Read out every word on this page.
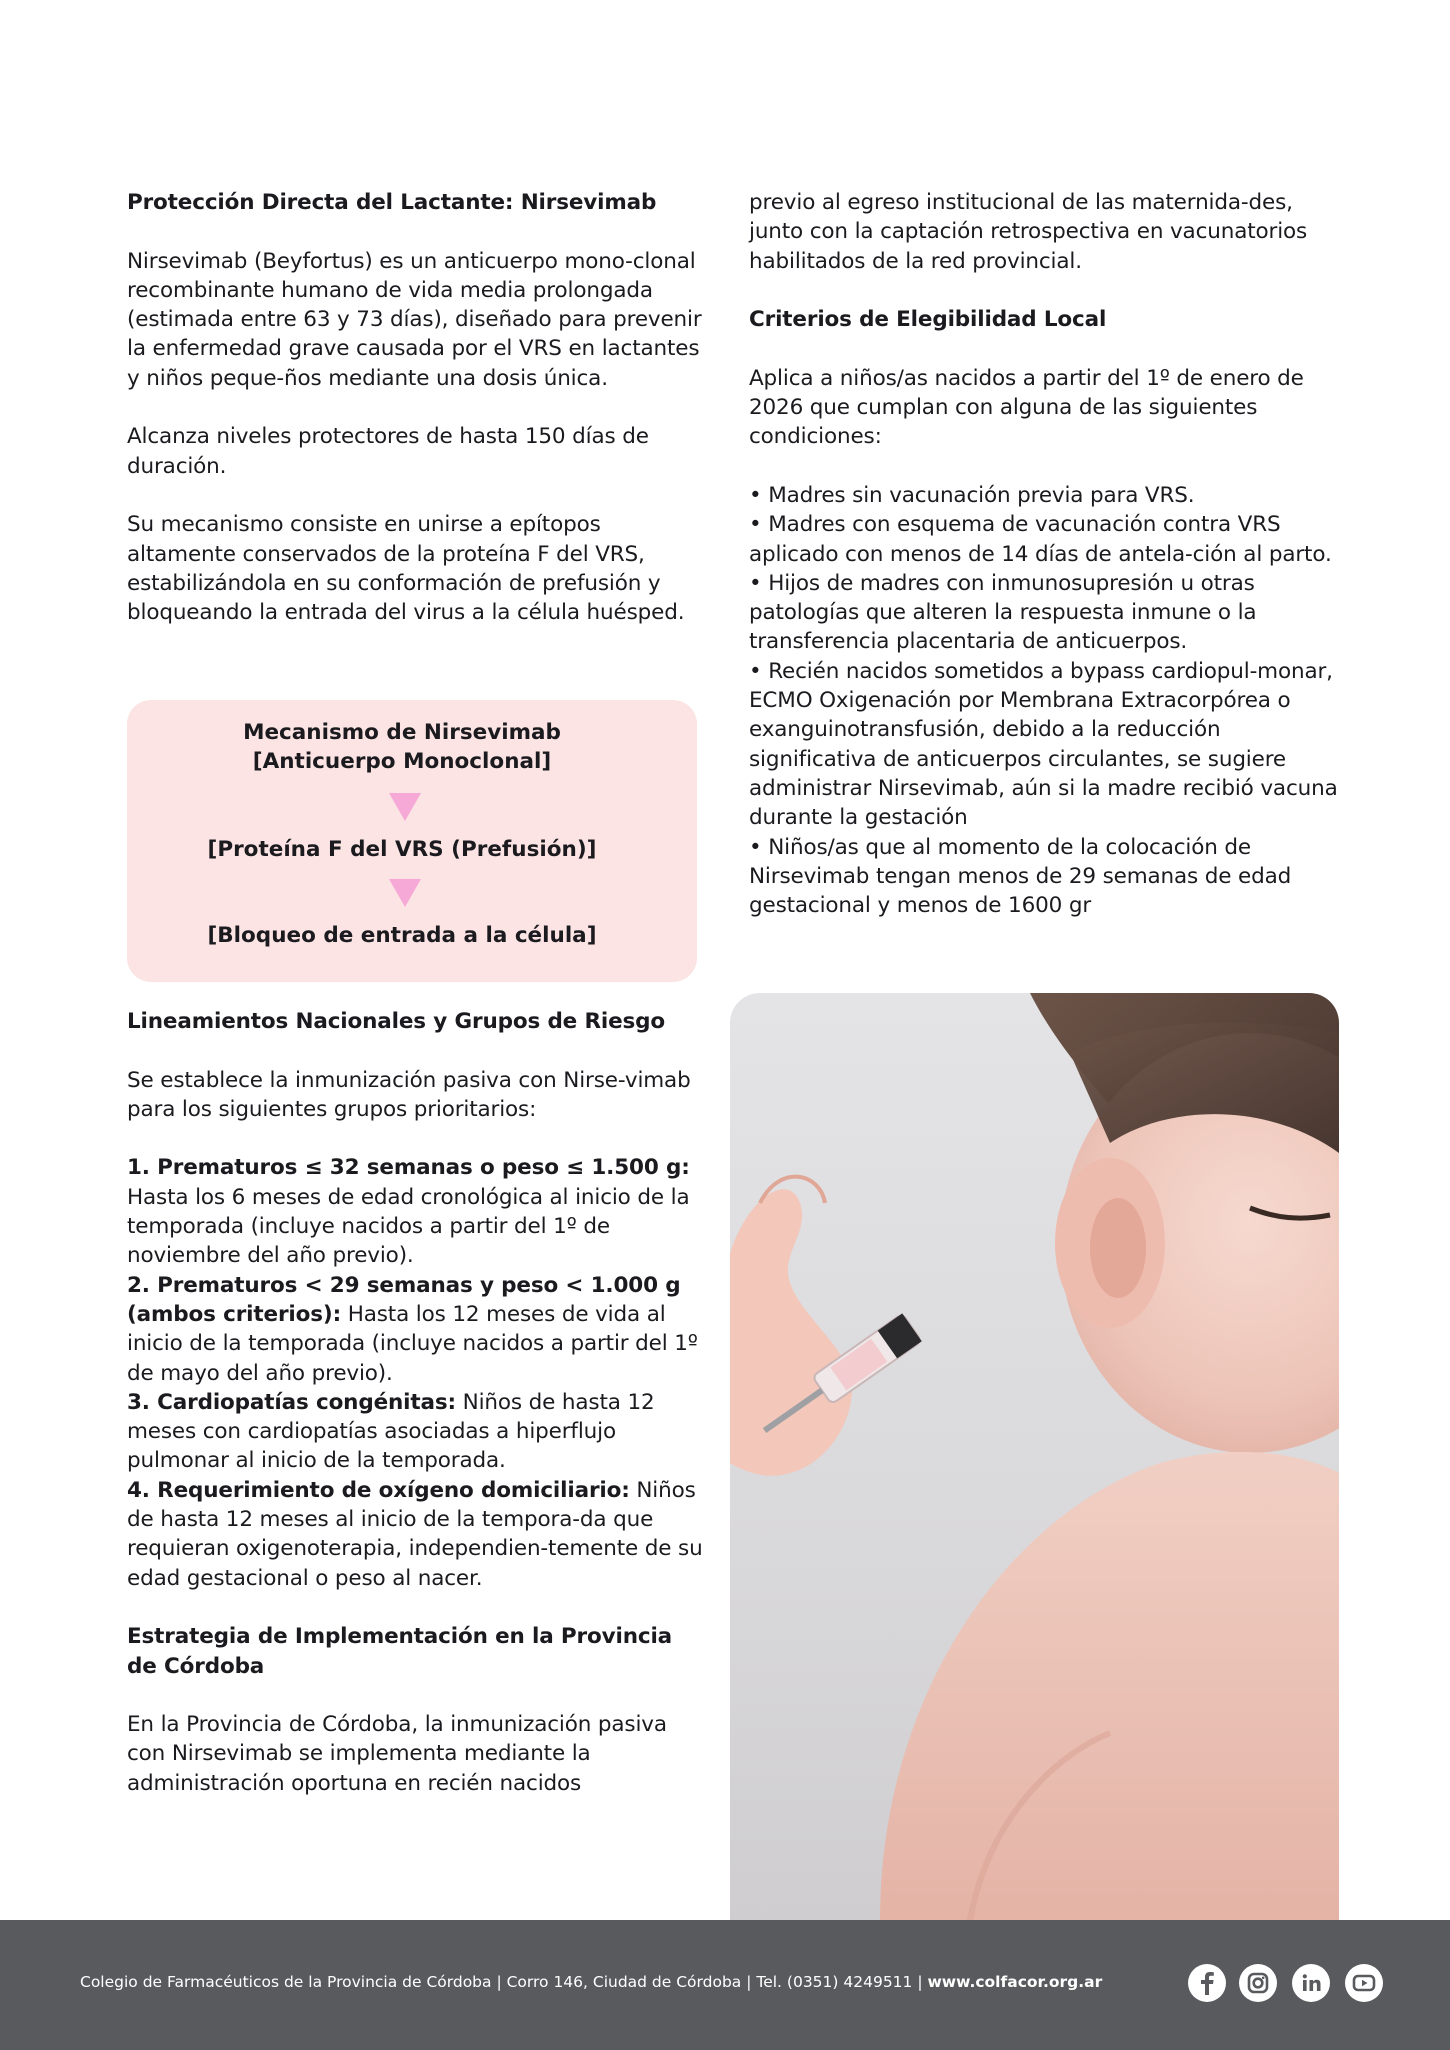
Protección Directa del Lactante: Nirsevimab

Nirsevimab (Beyfortus) es un anticuerpo mono-clonal recombinante humano de vida media prolongada (estimada entre 63 y 73 días), diseñado para prevenir la enfermedad grave causada por el VRS en lactantes y niños peque-ños mediante una dosis única.

Alcanza niveles protectores de hasta 150 días de duración.

Su mecanismo consiste en unirse a epítopos altamente conservados de la proteína F del VRS, estabilizándola en su conformación de prefusión y bloqueando la entrada del virus a la célula huésped.

Mecanismo de Nirsevimab
[Anticuerpo Monoclonal]
[Proteína F del VRS (Prefusión)]
[Bloqueo de entrada a la célula]
Lineamientos Nacionales y Grupos de Riesgo

Se establece la inmunización pasiva con Nirse-vimab para los siguientes grupos prioritarios:

1. Prematuros ≤ 32 semanas o peso ≤ 1.500 g: Hasta los 6 meses de edad cronológica al inicio de la temporada (incluye nacidos a partir del 1º de noviembre del año previo).

2. Prematuros < 29 semanas y peso < 1.000 g (ambos criterios): Hasta los 12 meses de vida al inicio de la temporada (incluye nacidos a partir del 1º de mayo del año previo).

3. Cardiopatías congénitas: Niños de hasta 12 meses con cardiopatías asociadas a hiperflujo pulmonar al inicio de la temporada.

4. Requerimiento de oxígeno domiciliario: Niños de hasta 12 meses al inicio de la tempora-da que requieran oxigenoterapia, independien-temente de su edad gestacional o peso al nacer.

Estrategia de Implementación en la Provincia de Córdoba

En la Provincia de Córdoba, la inmunización pasiva con Nirsevimab se implementa mediante la administración oportuna en recién nacidos

previo al egreso institucional de las maternida-des, junto con la captación retrospectiva en vacunatorios habilitados de la red provincial.

Criterios de Elegibilidad Local

Aplica a niños/as nacidos a partir del 1º de enero de 2026 que cumplan con alguna de las siguientes condiciones:

• Madres sin vacunación previa para VRS.

• Madres con esquema de vacunación contra VRS aplicado con menos de 14 días de antela-ción al parto.

• Hijos de madres con inmunosupresión u otras patologías que alteren la respuesta inmune o la transferencia placentaria de anticuerpos.

• Recién nacidos sometidos a bypass cardiopul-monar, ECMO Oxigenación por Membrana Extracorpórea o exanguinotransfusión, debido a la reducción significativa de anticuerpos circulantes, se sugiere administrar Nirsevimab, aún si la madre recibió vacuna durante la gestación

• Niños/as que al momento de la colocación de Nirsevimab tengan menos de 29 semanas de edad gestacional y menos de 1600 gr

Colegio de Farmacéuticos de la Provincia de Córdoba | Corro 146, Ciudad de Córdoba | Tel. (0351) 4249511 | www.colfacor.org.ar
